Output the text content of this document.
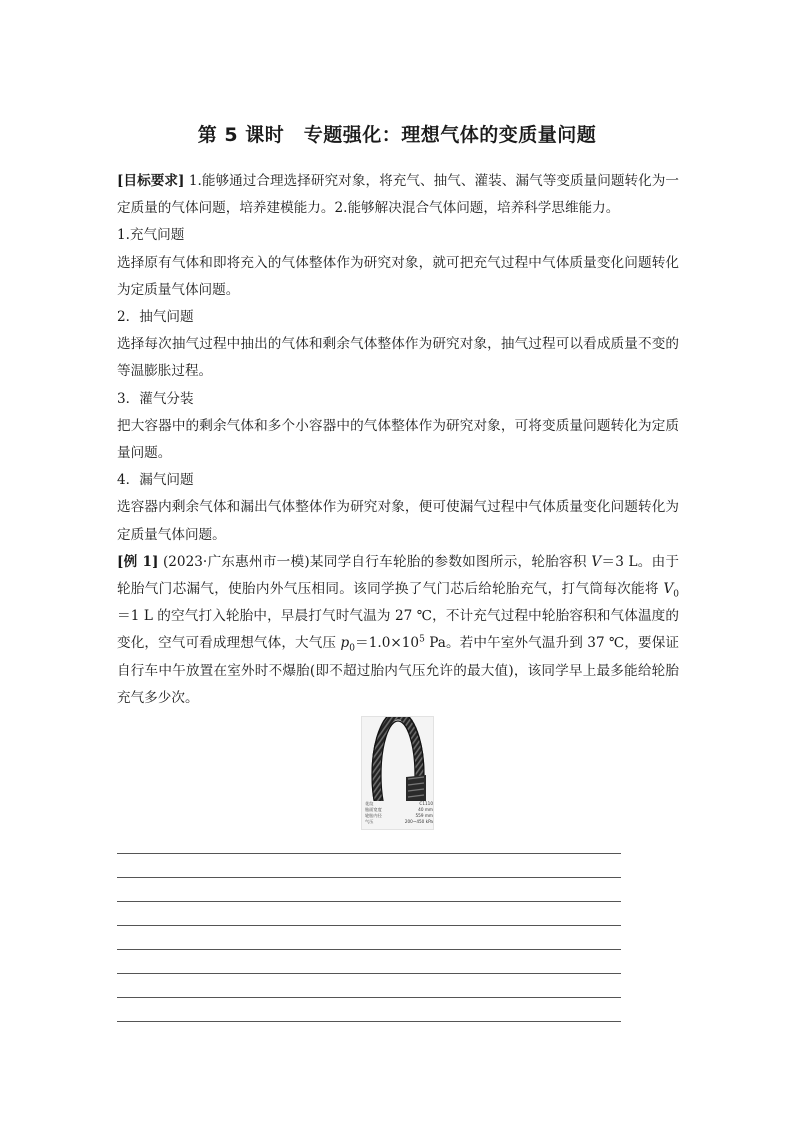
第 5 课时　专题强化：理想气体的变质量问题

[目标要求] 1.能够通过合理选择研究对象，将充气、抽气、灌装、漏气等变质量问题转化为一定质量的气体问题，培养建模能力。2.能够解决混合气体问题，培养科学思维能力。

1.充气问题

选择原有气体和即将充入的气体整体作为研究对象，就可把充气过程中气体质量变化问题转化为定质量气体问题。

2．抽气问题

选择每次抽气过程中抽出的气体和剩余气体整体作为研究对象，抽气过程可以看成质量不变的等温膨胀过程。

3．灌气分装

把大容器中的剩余气体和多个小容器中的气体整体作为研究对象，可将变质量问题转化为定质量问题。

4．漏气问题

选容器内剩余气体和漏出气体整体作为研究对象，便可使漏气过程中气体质量变化问题转化为定质量气体问题。

[例 1] (2023·广东惠州市一模)某同学自行车轮胎的参数如图所示，轮胎容积 V＝3 L。由于轮胎气门芯漏气，使胎内外气压相同。该同学换了气门芯后给轮胎充气，打气筒每次能将 $V_0=1$ L 的空气打入轮胎中，早晨打气时气温为 27 ℃，不计充气过程中轮胎容积和气体温度的变化，空气可看成理想气体，大气压 $p_0=1.0\times 10^5$ Pa。若中午室外气温升到 37 ℃，要保证自行车中午放置在室外时不爆胎(即不超过胎内气压允许的最大值)，该同学早上最多能给轮胎充气多少次。

花纹	C1110
胎面宽度	40 mm
轮胎内径	559 mm
气压	200~450 kPa
